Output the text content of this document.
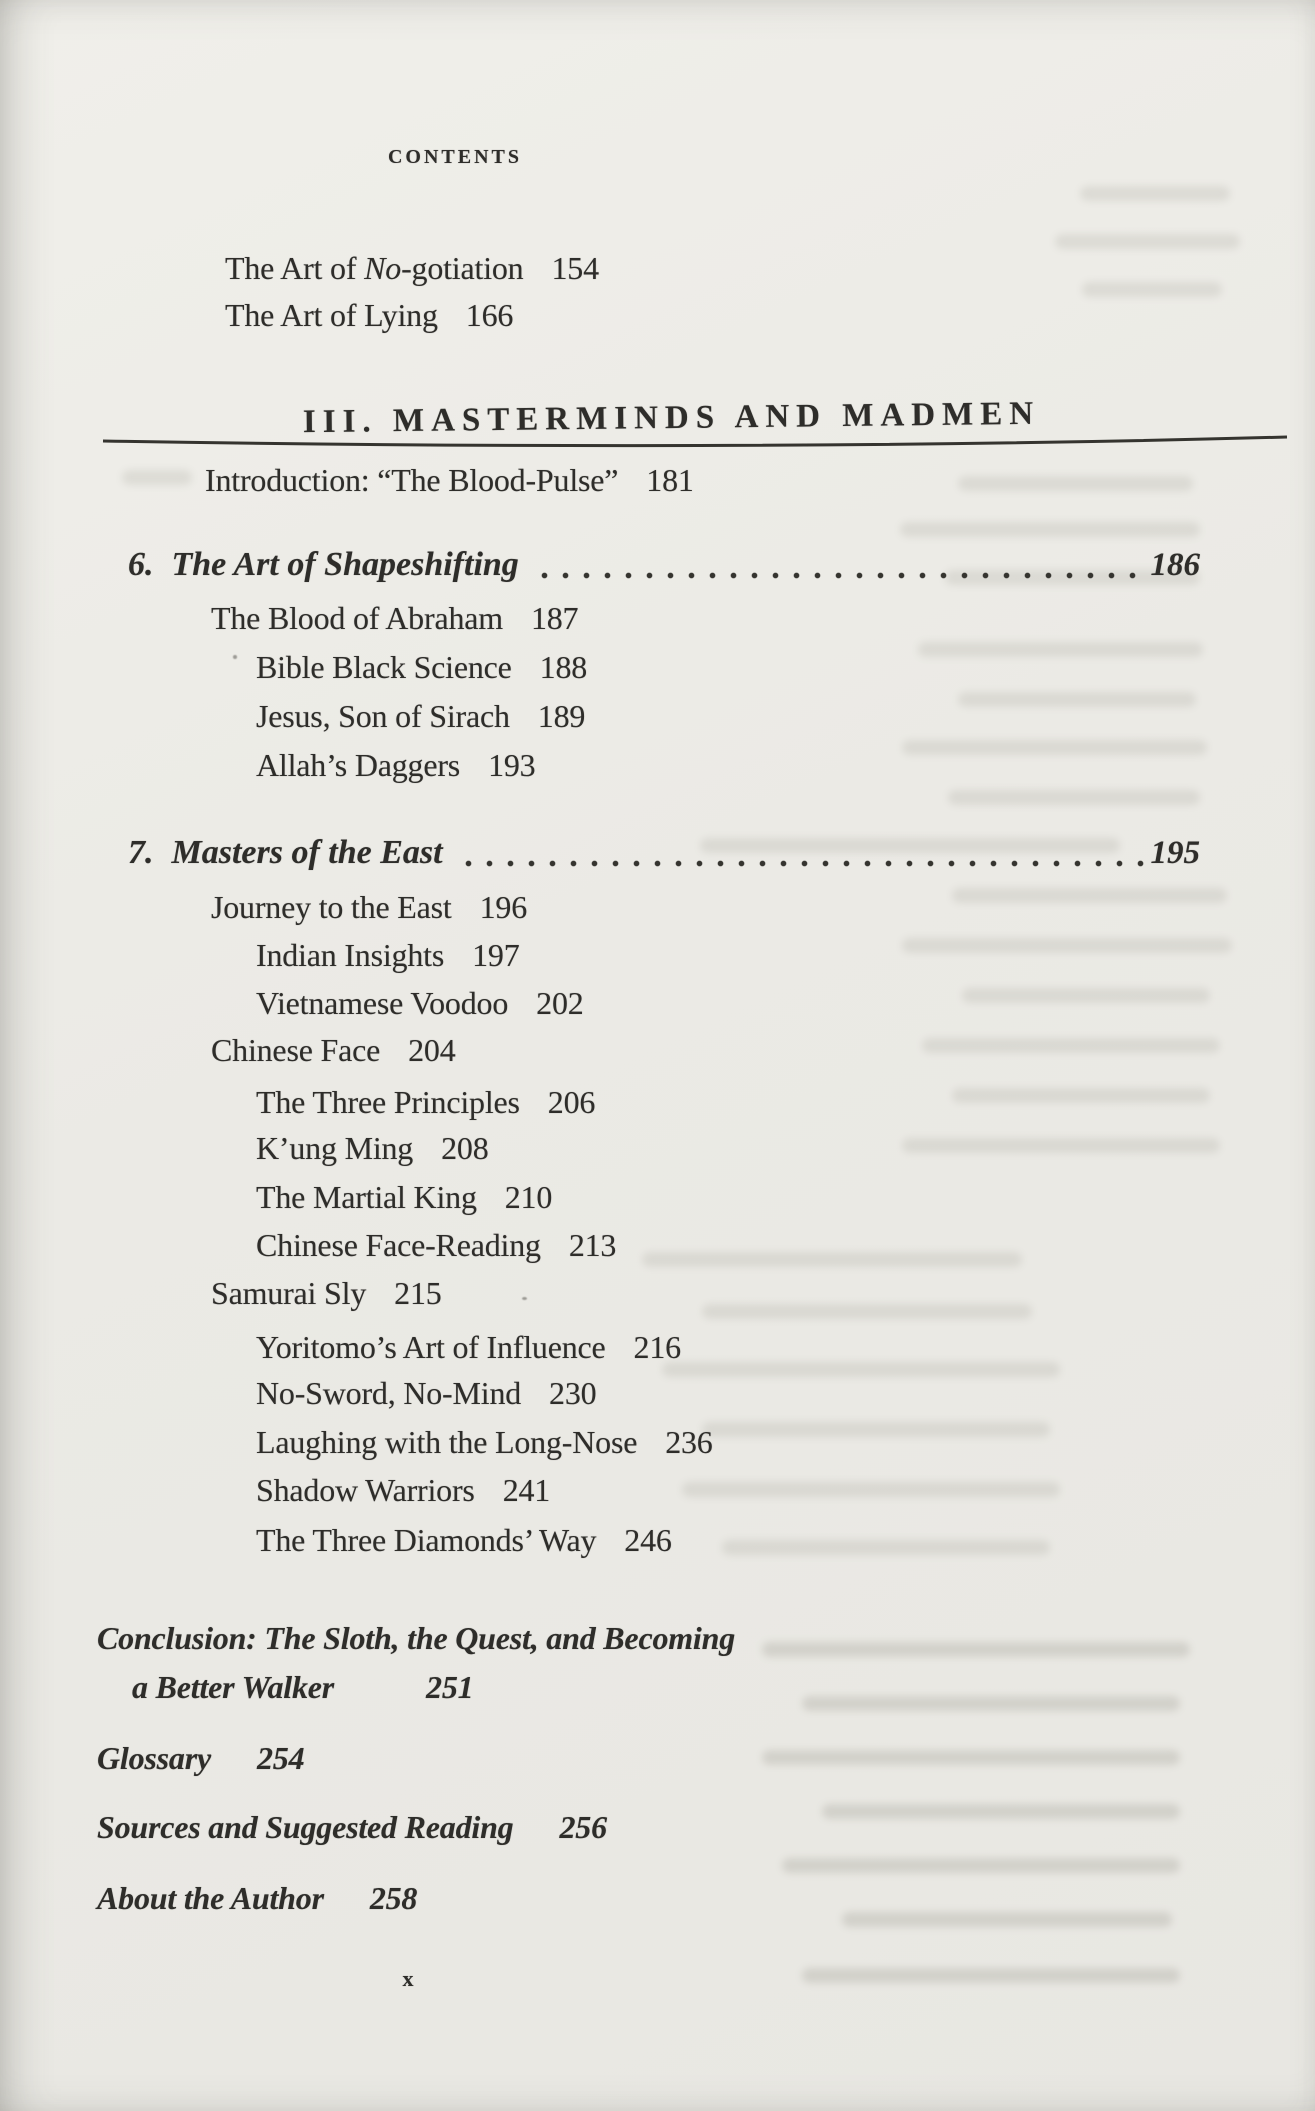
CONTENTS
The Art of No-gotiation 154
The Art of Lying 166
III. MASTERMINDS AND MADMEN
Introduction: “The Blood-Pulse” 181
6. The Art of Shapeshifting	186
The Blood of Abraham 187
Bible Black Science 188
Jesus, Son of Sirach 189
Allah’s Daggers 193
7. Masters of the East	195
Journey to the East 196
Indian Insights 197
Vietnamese Voodoo 202
Chinese Face 204
The Three Principles 206
K’ung Ming 208
The Martial King 210
Chinese Face-Reading 213
Samurai Sly 215
Yoritomo’s Art of Influence 216
No-Sword, No-Mind 230
Laughing with the Long-Nose 236
Shadow Warriors 241
The Three Diamonds’ Way 246
Conclusion: The Sloth, the Quest, and Becoming
a Better Walker	251
Glossary 254
Sources and Suggested Reading 256
About the Author 258
x
